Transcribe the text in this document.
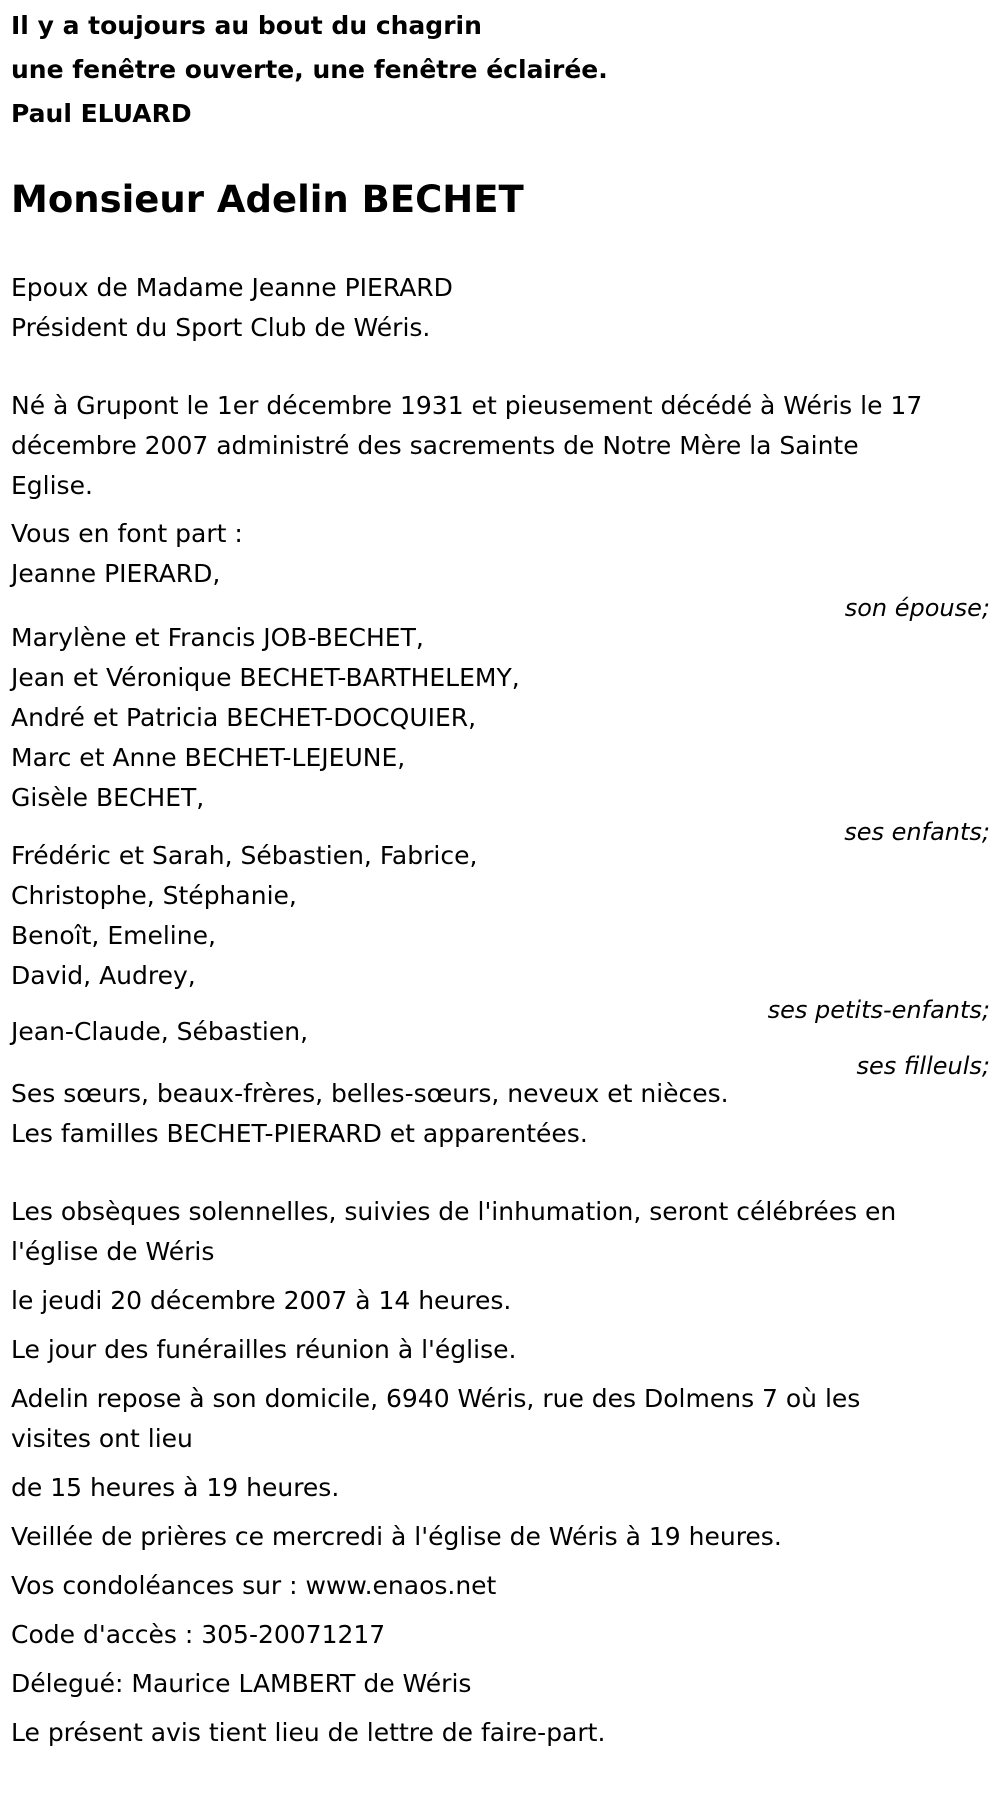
Il y a toujours au bout du chagrin
une fenêtre ouverte, une fenêtre éclairée.
Paul ELUARD
Monsieur Adelin BECHET
Epoux de Madame Jeanne PIERARD
Président du Sport Club de Wéris.
Né à Grupont le 1er décembre 1931 et pieusement décédé à Wéris le 17
décembre 2007 administré des sacrements de Notre Mère la Sainte
Eglise.
Vous en font part :
Jeanne PIERARD,
son épouse;
Marylène et Francis JOB-BECHET,
Jean et Véronique BECHET-BARTHELEMY,
André et Patricia BECHET-DOCQUIER,
Marc et Anne BECHET-LEJEUNE,
Gisèle BECHET,
ses enfants;
Frédéric et Sarah, Sébastien, Fabrice,
Christophe, Stéphanie,
Benoît, Emeline,
David, Audrey,
ses petits-enfants;
Jean-Claude, Sébastien,
ses filleuls;
Ses sœurs, beaux-frères, belles-sœurs, neveux et nièces.
Les familles BECHET-PIERARD et apparentées.
Les obsèques solennelles, suivies de l'inhumation, seront célébrées en
l'église de Wéris
le jeudi 20 décembre 2007 à 14 heures.
Le jour des funérailles réunion à l'église.
Adelin repose à son domicile, 6940 Wéris, rue des Dolmens 7 où les
visites ont lieu
de 15 heures à 19 heures.
Veillée de prières ce mercredi à l'église de Wéris à 19 heures.
Vos condoléances sur : www.enaos.net
Code d'accès : 305-20071217
Délegué: Maurice LAMBERT de Wéris
Le présent avis tient lieu de lettre de faire-part.
